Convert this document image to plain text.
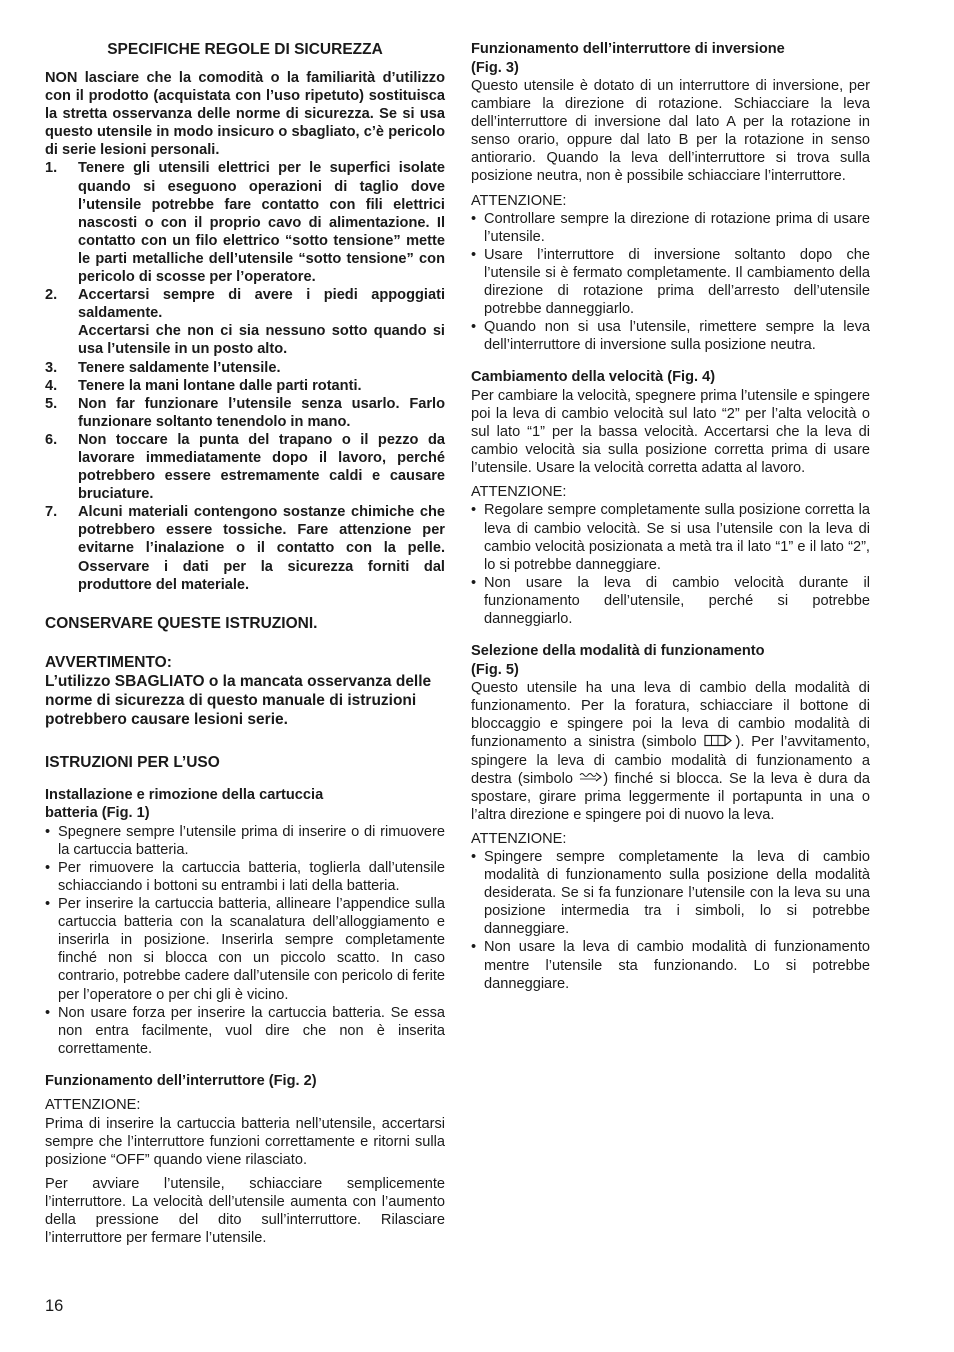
SPECIFICHE REGOLE DI SICUREZZA

NON lasciare che la comodità o la familiarità d’utilizzo con il prodotto (acquistata con l’uso ripetuto) sostituisca la stretta osservanza delle norme di sicurezza. Se si usa questo utensile in modo insicuro o sbagliato, c’è pericolo di serie lesioni personali.

1. Tenere gli utensili elettrici per le superfici isolate quando si eseguono operazioni di taglio dove l’utensile potrebbe fare contatto con fili elettrici nascosti o con il proprio cavo di alimentazione. Il contatto con un filo elettrico “sotto tensione” mette le parti metalliche dell’utensile “sotto tensione” con pericolo di scosse per l’operatore.
2. Accertarsi sempre di avere i piedi appoggiati saldamente.
Accertarsi che non ci sia nessuno sotto quando si usa l’utensile in un posto alto.
3. Tenere saldamente l’utensile.
4. Tenere la mani lontane dalle parti rotanti.
5. Non far funzionare l’utensile senza usarlo. Farlo funzionare soltanto tenendolo in mano.
6. Non toccare la punta del trapano o il pezzo da lavorare immediatamente dopo il lavoro, perché potrebbero essere estremamente caldi e causare bruciature.
7. Alcuni materiali contengono sostanze chimiche che potrebbero essere tossiche. Fare attenzione per evitarne l’inalazione o il contatto con la pelle. Osservare i dati per la sicurezza forniti dal produttore del materiale.

CONSERVARE QUESTE ISTRUZIONI.

AVVERTIMENTO:

L’utilizzo SBAGLIATO o la mancata osservanza delle norme di sicurezza di questo manuale di istruzioni potrebbero causare lesioni serie.

ISTRUZIONI PER L’USO

Installazione e rimozione della cartuccia
batteria (Fig. 1)

• Spegnere sempre l’utensile prima di inserire o di rimuovere la cartuccia batteria.
• Per rimuovere la cartuccia batteria, toglierla dall’utensile schiacciando i bottoni su entrambi i lati della batteria.
• Per inserire la cartuccia batteria, allineare l’appendice sulla cartuccia batteria con la scanalatura dell’alloggiamento e inserirla in posizione. Inserirla sempre completamente finché non si blocca con un piccolo scatto. In caso contrario, potrebbe cadere dall’utensile con pericolo di ferite per l’operatore o per chi gli è vicino.
• Non usare forza per inserire la cartuccia batteria. Se essa non entra facilmente, vuol dire che non è inserita correttamente.

Funzionamento dell’interruttore (Fig. 2)

ATTENZIONE:

Prima di inserire la cartuccia batteria nell’utensile, accertarsi sempre che l’interruttore funzioni correttamente e ritorni sulla posizione “OFF” quando viene rilasciato.

Per avviare l’utensile, schiacciare semplicemente l’interruttore. La velocità dell’utensile aumenta con l’aumento della pressione del dito sull’interruttore. Rilasciare l’interruttore per fermare l’utensile.

Funzionamento dell’interruttore di inversione
(Fig. 3)

Questo utensile è dotato di un interruttore di inversione, per cambiare la direzione di rotazione. Schiacciare la leva dell’interruttore di inversione dal lato A per la rotazione in senso orario, oppure dal lato B per la rotazione in senso antiorario. Quando la leva dell’interruttore si trova sulla posizione neutra, non è possibile schiacciare l’interruttore.

ATTENZIONE:

• Controllare sempre la direzione di rotazione prima di usare l’utensile.
• Usare l’interruttore di inversione soltanto dopo che l’utensile si è fermato completamente. Il cambiamento della direzione di rotazione prima dell’arresto dell’utensile potrebbe danneggiarlo.
• Quando non si usa l’utensile, rimettere sempre la leva dell’interruttore di inversione sulla posizione neutra.

Cambiamento della velocità (Fig. 4)

Per cambiare la velocità, spegnere prima l’utensile e spingere poi la leva di cambio velocità sul lato “2” per l’alta velocità o sul lato “1” per la bassa velocità. Accertarsi che la leva di cambio velocità sia sulla posizione corretta prima di usare l’utensile. Usare la velocità corretta adatta al lavoro.

ATTENZIONE:

• Regolare sempre completamente sulla posizione corretta la leva di cambio velocità. Se si usa l’utensile con la leva di cambio velocità posizionata a metà tra il lato “1” e il lato “2”, lo si potrebbe danneggiare.
• Non usare la leva di cambio velocità durante il funzionamento dell’utensile, perché si potrebbe danneggiarlo.

Selezione della modalità di funzionamento
(Fig. 5)

Questo utensile ha una leva di cambio della modalità di funzionamento. Per la foratura, schiacciare il bottone di bloccaggio e spingere poi la leva di cambio modalità di funzionamento a sinistra (simbolo	). Per l’avvitamento, spingere la leva di cambio modalità di funzionamento a destra (simbolo ) finché si blocca. Se la leva è dura da spostare, girare prima leggermente il portapunta in una o l’altra direzione e spingere poi di nuovo la leva.

ATTENZIONE:

• Spingere sempre completamente la leva di cambio modalità di funzionamento sulla posizione della modalità desiderata. Se si fa funzionare l’utensile con la leva su una posizione intermedia tra i simboli, lo si potrebbe danneggiare.
• Non usare la leva di cambio modalità di funzionamento mentre l’utensile sta funzionando. Lo si potrebbe danneggiare.
16
